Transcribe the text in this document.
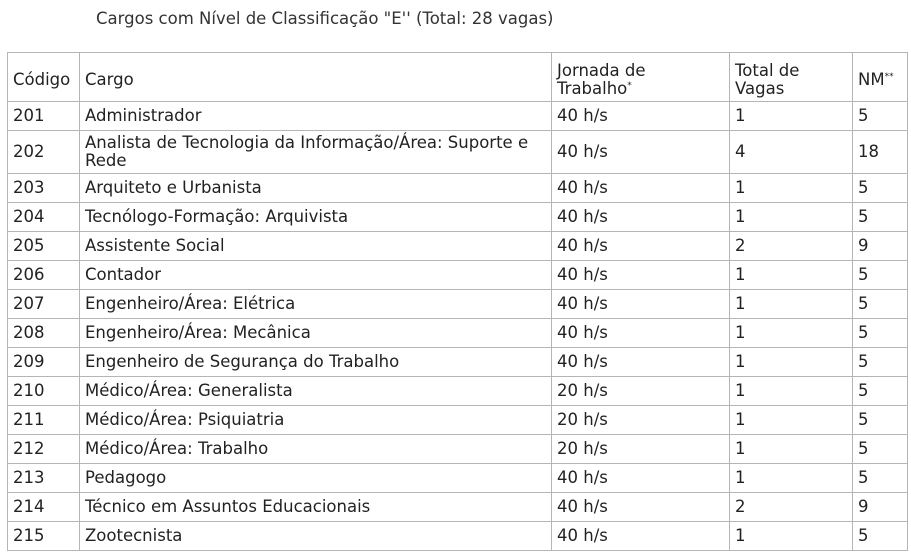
Cargos com Nível de Classificação "E'' (Total: 28 vagas)
Código	Cargo	Jornada de Trabalho*	Total de Vagas	NM**
201	Administrador	40 h/s	1	5
202	Analista de Tecnologia da Informação/Área: Suporte e Rede	40 h/s	4	18
203	Arquiteto e Urbanista	40 h/s	1	5
204	Tecnólogo-Formação: Arquivista	40 h/s	1	5
205	Assistente Social	40 h/s	2	9
206	Contador	40 h/s	1	5
207	Engenheiro/Área: Elétrica	40 h/s	1	5
208	Engenheiro/Área: Mecânica	40 h/s	1	5
209	Engenheiro de Segurança do Trabalho	40 h/s	1	5
210	Médico/Área: Generalista	20 h/s	1	5
211	Médico/Área: Psiquiatria	20 h/s	1	5
212	Médico/Área: Trabalho	20 h/s	1	5
213	Pedagogo	40 h/s	1	5
214	Técnico em Assuntos Educacionais	40 h/s	2	9
215	Zootecnista	40 h/s	1	5
